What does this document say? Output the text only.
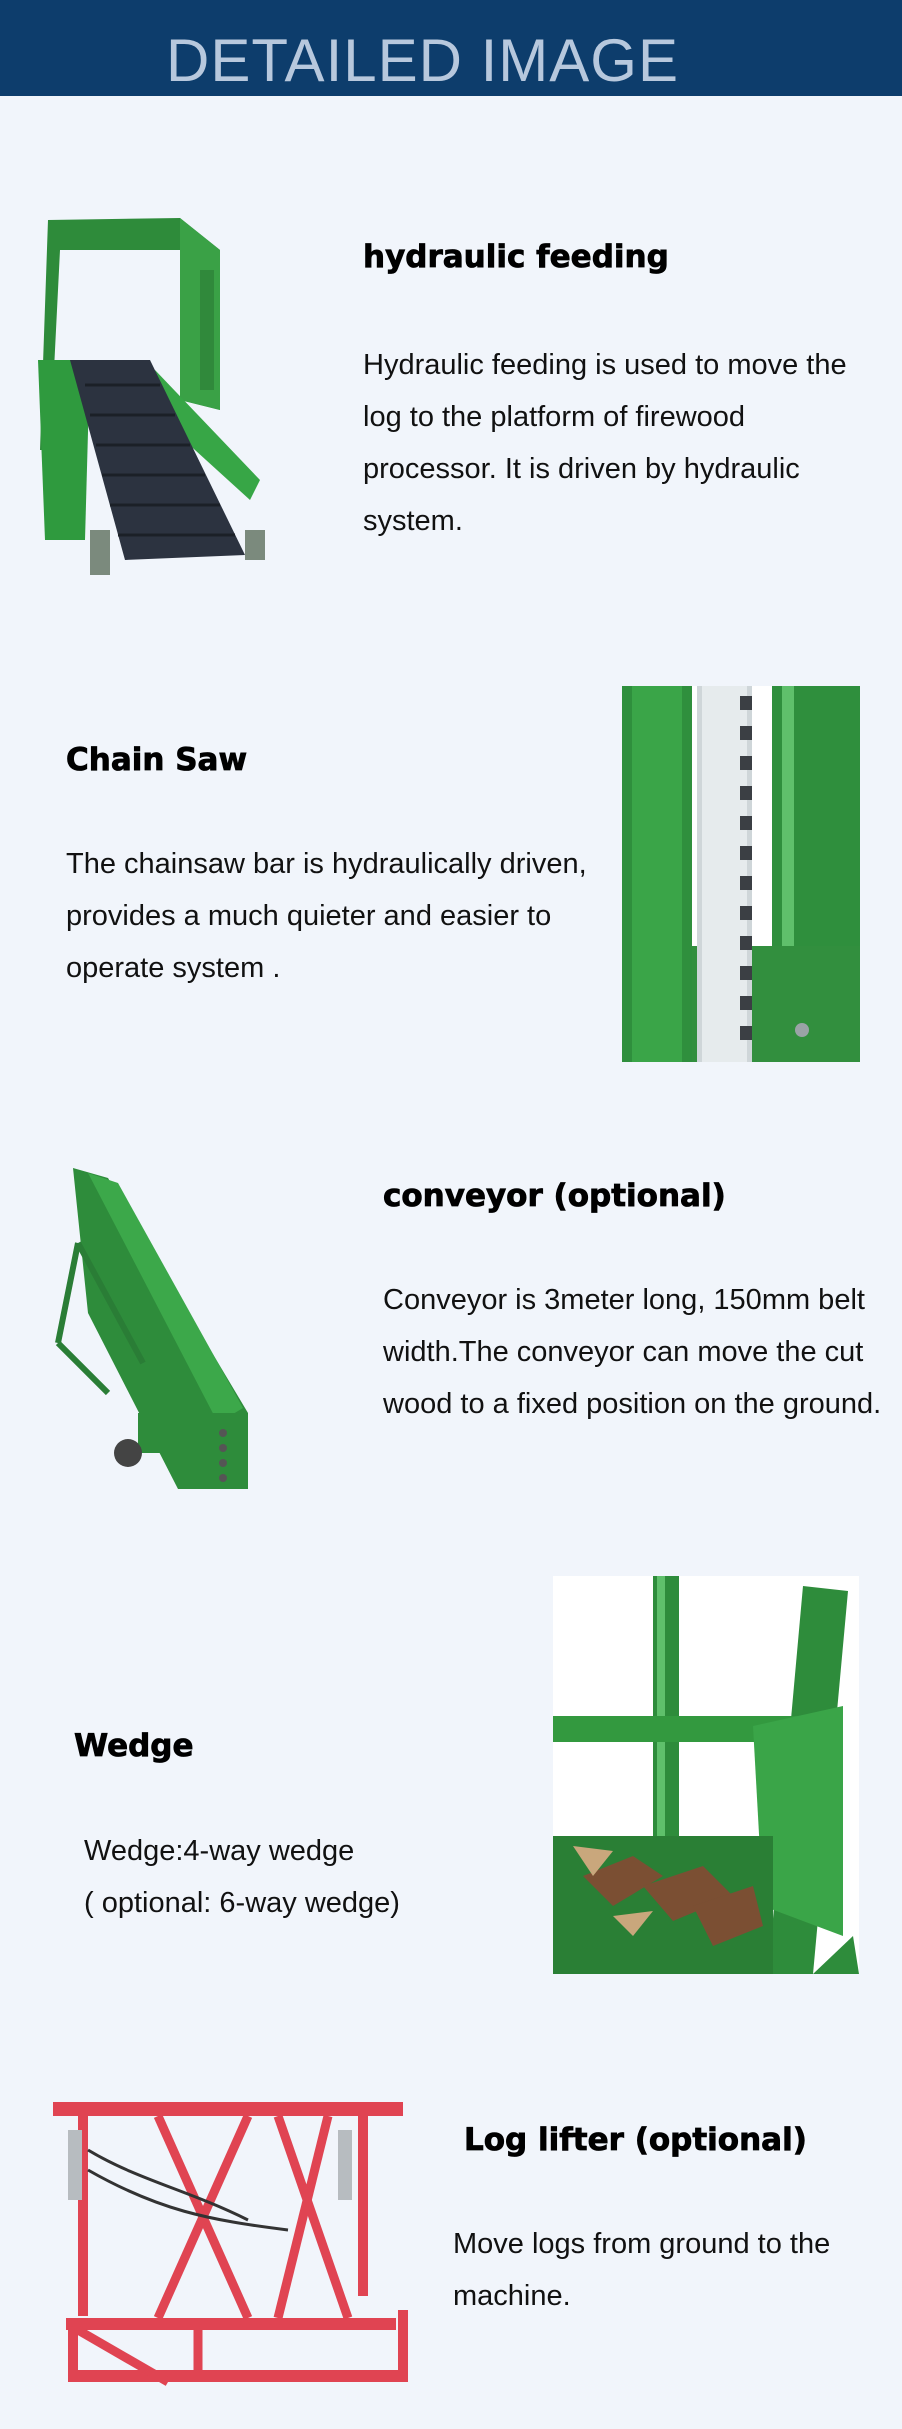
DETAILED IMAGE
hydraulic feeding
Hydraulic feeding is used to move the log to the platform of firewood processor. It is driven by hydraulic system.
Chain Saw
The chainsaw bar is hydraulically driven, provides a much quieter and easier to operate system .
conveyor (optional)
Conveyor is 3meter long, 150mm belt width.The conveyor can move the cut wood to a fixed position on the ground.
Wedge

Wedge:4-way wedge

( optional: 6-way wedge)

Log lifter (optional)
Move logs from ground to the machine.
